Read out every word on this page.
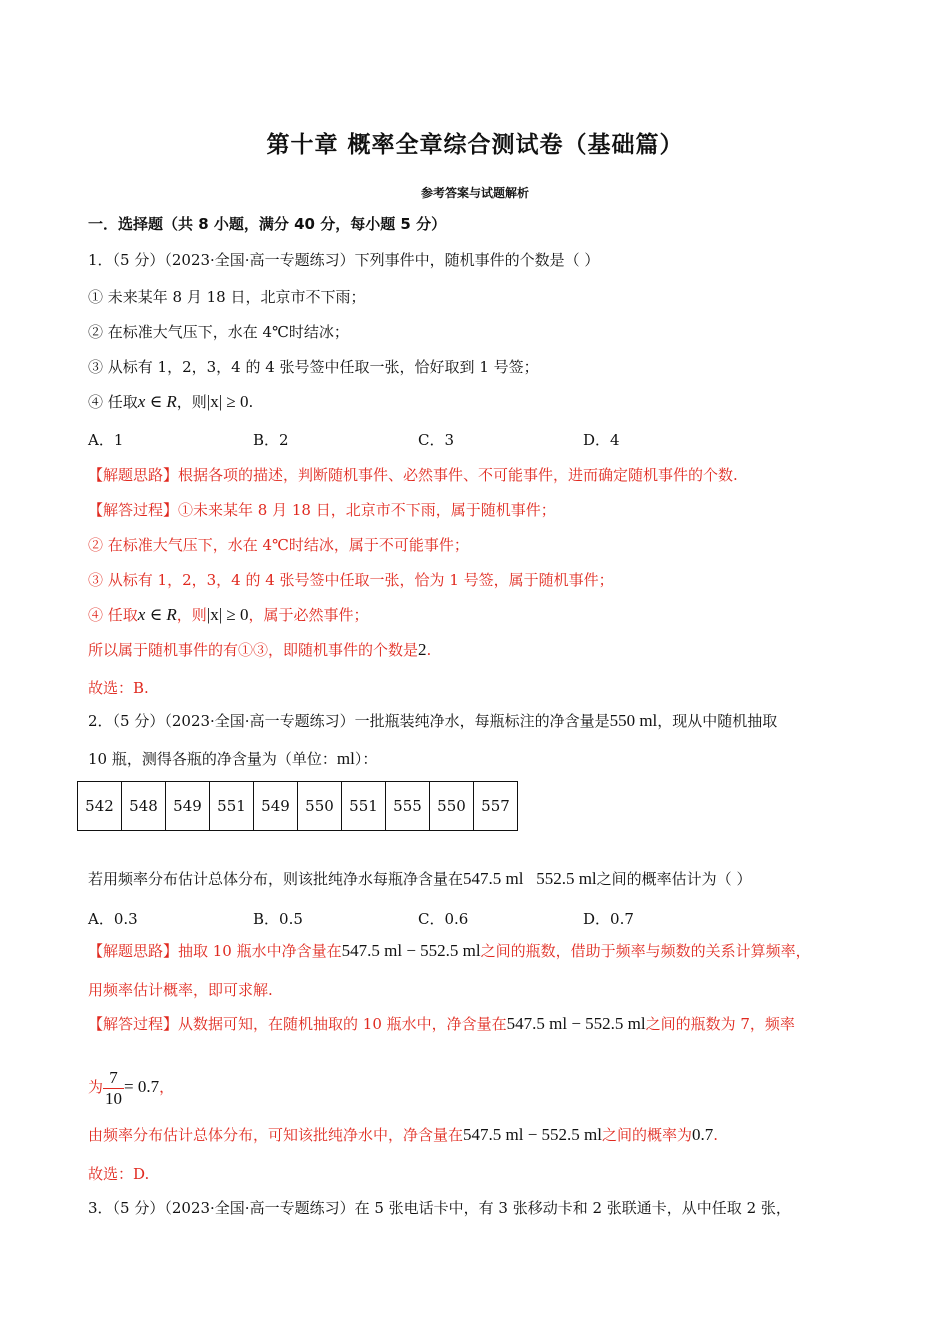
第十章 概率全章综合测试卷（基础篇）
参考答案与试题解析
一．选择题（共 8 小题，满分 40 分，每小题 5 分）
1．（5 分）（2023·全国·高一专题练习）下列事件中，随机事件的个数是（ ）
① 未来某年 8 月 18 日，北京市不下雨；
② 在标准大气压下，水在 4℃时结冰；
③ 从标有 1，2，3，4 的 4 张号签中任取一张，恰好取到 1 号签；
④ 任取x ∈ R，则|x| ≥ 0.
A．1	B．2	C．3	D．4
【解题思路】根据各项的描述，判断随机事件、必然事件、不可能事件，进而确定随机事件的个数.
【解答过程】①未来某年 8 月 18 日，北京市不下雨，属于随机事件；
② 在标准大气压下，水在 4℃时结冰，属于不可能事件；
③ 从标有 1，2，3，4 的 4 张号签中任取一张，恰为 1 号签，属于随机事件；
④ 任取x ∈ R，则|x| ≥ 0，属于必然事件；
所以属于随机事件的有①③，即随机事件的个数是2.
故选：B.
2．（5 分）（2023·全国·高一专题练习）一批瓶装纯净水，每瓶标注的净含量是550 ml，现从中随机抽取
10 瓶，测得各瓶的净含量为（单位：ml）：
542	548	549	551	549	550	551	555	550	557
若用频率分布估计总体分布，则该批纯净水每瓶净含量在547.5 ml   552.5 ml之间的概率估计为（ ）
A．0.3	B．0.5	C．0.6	D．0.7
【解题思路】抽取 10 瓶水中净含量在547.5 ml − 552.5 ml之间的瓶数，借助于频率与频数的关系计算频率，
用频率估计概率，即可求解.
【解答过程】从数据可知，在随机抽取的 10 瓶水中，净含量在547.5 ml − 552.5 ml之间的瓶数为 7，频率
为 $\frac{7}{10} = 0.7$，
由频率分布估计总体分布，可知该批纯净水中，净含量在547.5 ml − 552.5 ml之间的概率为0.7.
故选：D.
3．（5 分）（2023·全国·高一专题练习）在 5 张电话卡中，有 3 张移动卡和 2 张联通卡，从中任取 2 张，
